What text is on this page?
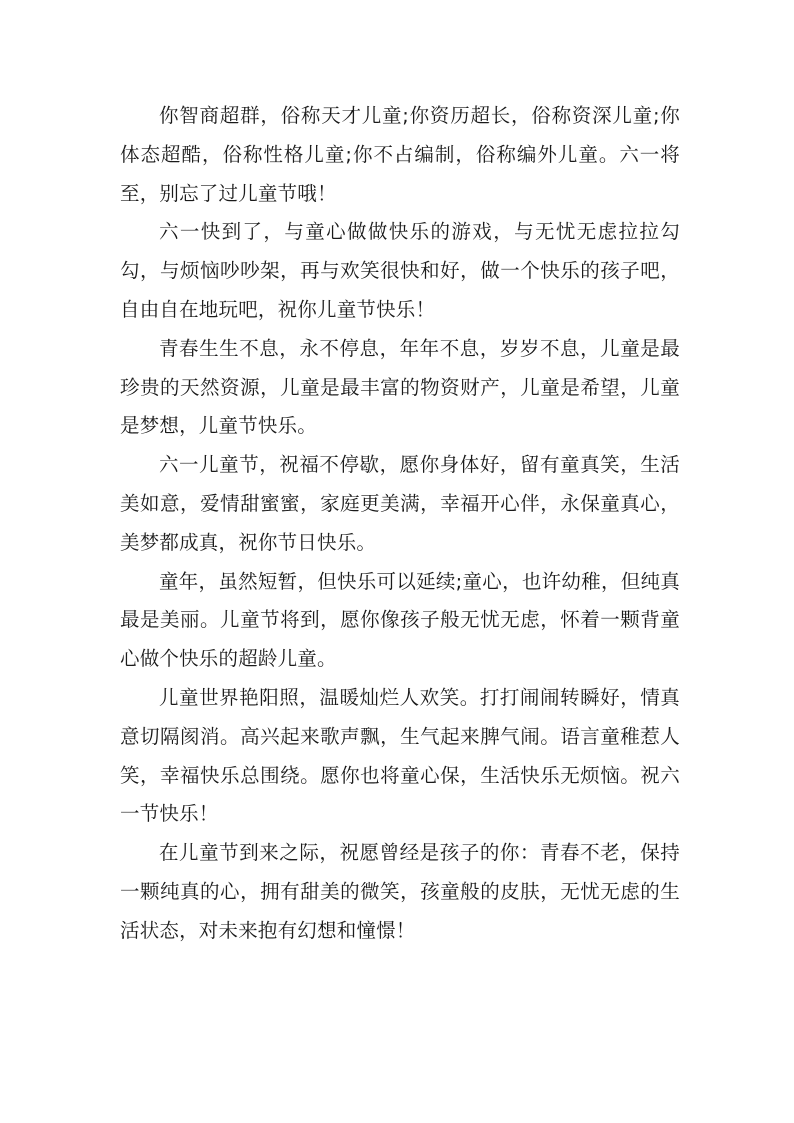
你智商超群，俗称天才儿童;你资历超长，俗称资深儿童;你体态超酷，俗称性格儿童;你不占编制，俗称编外儿童。六一将至，别忘了过儿童节哦！

六一快到了，与童心做做快乐的游戏，与无忧无虑拉拉勾勾，与烦恼吵吵架，再与欢笑很快和好，做一个快乐的孩子吧，自由自在地玩吧，祝你儿童节快乐！

青春生生不息，永不停息，年年不息，岁岁不息，儿童是最珍贵的天然资源，儿童是最丰富的物资财产，儿童是希望，儿童是梦想，儿童节快乐。

六一儿童节，祝福不停歇，愿你身体好，留有童真笑，生活美如意，爱情甜蜜蜜，家庭更美满，幸福开心伴，永保童真心，美梦都成真，祝你节日快乐。

童年，虽然短暂，但快乐可以延续;童心，也许幼稚，但纯真最是美丽。儿童节将到，愿你像孩子般无忧无虑，怀着一颗背童心做个快乐的超龄儿童。

儿童世界艳阳照，温暖灿烂人欢笑。打打闹闹转瞬好，情真意切隔阂消。高兴起来歌声飘，生气起来脾气闹。语言童稚惹人笑，幸福快乐总围绕。愿你也将童心保，生活快乐无烦恼。祝六一节快乐！

在儿童节到来之际，祝愿曾经是孩子的你：青春不老，保持一颗纯真的心，拥有甜美的微笑，孩童般的皮肤，无忧无虑的生活状态，对未来抱有幻想和憧憬！
